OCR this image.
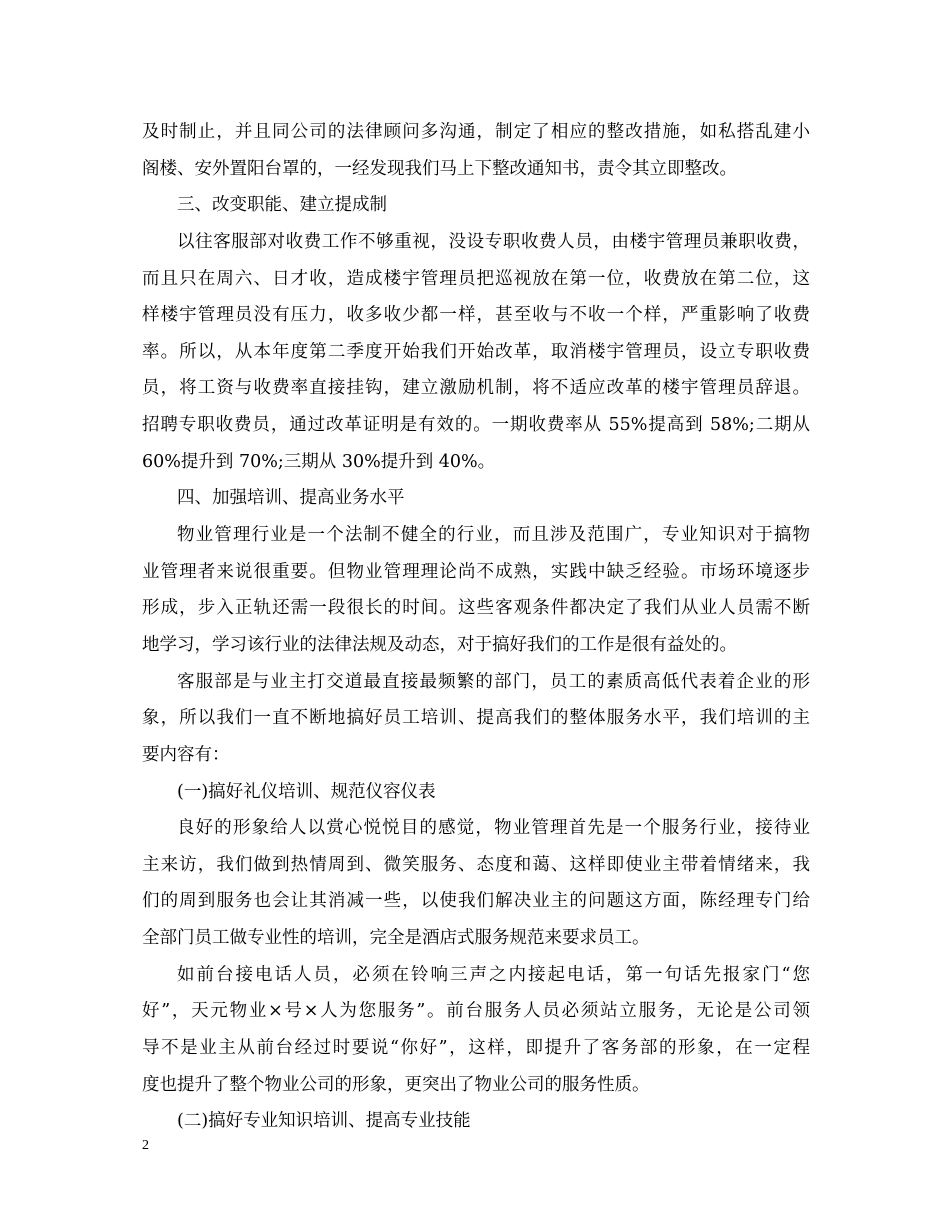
及时制止，并且同公司的法律顾问多沟通，制定了相应的整改措施，如私搭乱建小
阁楼、安外置阳台罩的，一经发现我们马上下整改通知书，责令其立即整改。
三、改变职能、建立提成制
以往客服部对收费工作不够重视，没设专职收费人员，由楼宇管理员兼职收费，
而且只在周六、日才收，造成楼宇管理员把巡视放在第一位，收费放在第二位，这
样楼宇管理员没有压力，收多收少都一样，甚至收与不收一个样，严重影响了收费
率。所以，从本年度第二季度开始我们开始改革，取消楼宇管理员，设立专职收费
员，将工资与收费率直接挂钩，建立激励机制，将不适应改革的楼宇管理员辞退。
招聘专职收费员，通过改革证明是有效的。一期收费率从 55%提高到 58%;二期从
60%提升到 70%;三期从 30%提升到 40%。
四、加强培训、提高业务水平
物业管理行业是一个法制不健全的行业，而且涉及范围广，专业知识对于搞物
业管理者来说很重要。但物业管理理论尚不成熟，实践中缺乏经验。市场环境逐步
形成，步入正轨还需一段很长的时间。这些客观条件都决定了我们从业人员需不断
地学习，学习该行业的法律法规及动态，对于搞好我们的工作是很有益处的。
客服部是与业主打交道最直接最频繁的部门，员工的素质高低代表着企业的形
象，所以我们一直不断地搞好员工培训、提高我们的整体服务水平，我们培训的主
要内容有：
(一)搞好礼仪培训、规范仪容仪表
良好的形象给人以赏心悦悦目的感觉，物业管理首先是一个服务行业，接待业
主来访，我们做到热情周到、微笑服务、态度和蔼、这样即使业主带着情绪来，我
们的周到服务也会让其消减一些，以使我们解决业主的问题这方面，陈经理专门给
全部门员工做专业性的培训，完全是酒店式服务规范来要求员工。
如前台接电话人员，必须在铃响三声之内接起电话，第一句话先报家门“您
好”，天元物业×号×人为您服务”。前台服务人员必须站立服务，无论是公司领
导不是业主从前台经过时要说“你好”，这样，即提升了客务部的形象，在一定程
度也提升了整个物业公司的形象，更突出了物业公司的服务性质。
(二)搞好专业知识培训、提高专业技能
2
